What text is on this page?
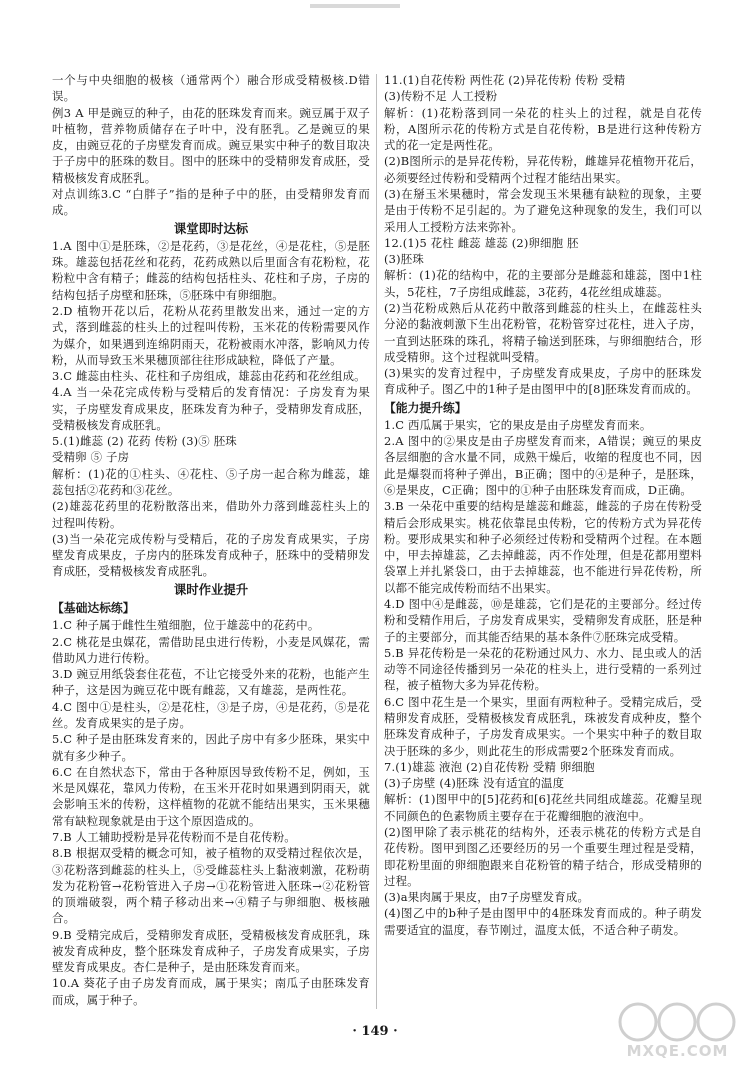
一个与中央细胞的极核（通常两个）融合形成受精极核.D错误。

例3 A 甲是豌豆的种子，由花的胚珠发育而来。豌豆属于双子叶植物，营养物质储存在子叶中，没有胚乳。乙是豌豆的果皮，由豌豆花的子房壁发育而成。豌豆果实中种子的数目取决于子房中的胚珠的数目。图中的胚珠中的受精卵发育成胚，受精极核发育成胚乳。

对点训练3.C “白胖子”指的是种子中的胚，由受精卵发育而成。

课堂即时达标

1.A 图中①是胚珠，②是花药，③是花丝，④是花柱，⑤是胚珠。雄蕊包括花丝和花药，花药成熟以后里面含有花粉粒，花粉粒中含有精子；雌蕊的结构包括柱头、花柱和子房，子房的结构包括子房壁和胚珠，⑤胚珠中有卵细胞。

2.D 植物开花以后，花粉从花药里散发出来，通过一定的方式，落到雌蕊的柱头上的过程叫传粉，玉米花的传粉需要风作为媒介，如果遇到连绵阴雨天，花粉被雨水冲落，影响风力传粉，从而导致玉米果穗顶部往往形成缺粒，降低了产量。

3.C 雌蕊由柱头、花柱和子房组成，雄蕊由花药和花丝组成。

4.A 当一朵花完成传粉与受精后的发育情况：子房发育为果实，子房壁发育成果皮，胚珠发育为种子，受精卵发育成胚，受精极核发育成胚乳。

5.(1)雌蕊 (2) 花药 传粉 (3)⑤ 胚珠

受精卵 ⑤ 子房

解析：(1)花的①柱头、④花柱、⑤子房一起合称为雌蕊，雄蕊包括②花药和③花丝。

(2)雄蕊花药里的花粉散落出来，借助外力落到雌蕊柱头上的过程叫传粉。

(3)当一朵花完成传粉与受精后，花的子房发育成果实，子房壁发育成果皮，子房内的胚珠发育成种子，胚珠中的受精卵发育成胚，受精极核发育成胚乳。

课时作业提升
【基础达标练】

1.C 种子属于雌性生殖细胞，位于雄蕊中的花药中。

2.C 桃花是虫媒花，需借助昆虫进行传粉，小麦是风媒花，需借助风力进行传粉。

3.D 豌豆用纸袋套住花苞，不让它接受外来的花粉，也能产生种子，这是因为豌豆花中既有雌蕊，又有雄蕊，是两性花。

4.C 图中①是柱头，②是花柱，③是子房，④是花药，⑤是花丝。发育成果实的是子房。

5.C 种子是由胚珠发育来的，因此子房中有多少胚珠，果实中就有多少种子。

6.C 在自然状态下，常由于各种原因导致传粉不足，例如，玉米是风媒花，靠风力传粉，在玉米开花时如果遇到阴雨天，就会影响玉米的传粉，这样植物的花就不能结出果实，玉米果穗常有缺粒现象就是由于这个原因造成的。

7.B 人工辅助授粉是异花传粉而不是自花传粉。

8.B 根据双受精的概念可知，被子植物的双受精过程依次是，③花粉落到雌蕊的柱头上，⑤受雌蕊柱头上黏液刺激，花粉萌发为花粉管→花粉管进入子房→①花粉管进入胚珠→②花粉管的顶端破裂，两个精子移动出来→④精子与卵细胞、极核融合。

9.B 受精完成后，受精卵发育成胚，受精极核发育成胚乳，珠被发育成种皮，整个胚珠发育成种子，子房发育成果实，子房壁发育成果皮。杏仁是种子，是由胚珠发育而来。

10.A 葵花子由子房发育而成，属于果实；南瓜子由胚珠发育而成，属于种子。

11.(1)自花传粉 两性花 (2)异花传粉 传粉 受精

(3)传粉不足 人工授粉

解析：(1)花粉落到同一朵花的柱头上的过程，就是自花传粉，A图所示花的传粉方式是自花传粉，B是进行这种传粉方式的花一定是两性花。

(2)B图所示的是异花传粉，异花传粉，雌雄异花植物开花后，必须要经过传粉和受精两个过程才能结出果实。

(3)在掰玉米果穗时，常会发现玉米果穗有缺粒的现象，主要是由于传粉不足引起的。为了避免这种现象的发生，我们可以采用人工授粉方法来弥补。

12.(1)5 花柱 雌蕊 雄蕊 (2)卵细胞 胚

(3)胚珠

解析：(1)花的结构中，花的主要部分是雌蕊和雄蕊，图中1柱头，5花柱，7子房组成雌蕊，3花药，4花丝组成雄蕊。

(2)当花粉成熟后从花药中散落到雌蕊的柱头上，在雌蕊柱头分泌的黏液刺激下生出花粉管，花粉管穿过花柱，进入子房，一直到达胚珠的珠孔，将精子输送到胚珠，与卵细胞结合，形成受精卵。这个过程就叫受精。

(3)果实的发育过程中，子房壁发育成果皮，子房中的胚珠发育成种子。图乙中的1种子是由图甲中的[8]胚珠发育而成的。

【能力提升练】

1.C 西瓜属于果实，它的果皮是由子房壁发育而来。

2.A 图中的②果皮是由子房壁发育而来，A错误；豌豆的果皮各层细胞的含水量不同，成熟干燥后，收缩的程度也不同，因此是爆裂而将种子弹出，B正确；图中的④是种子，是胚珠，⑥是果皮，C正确；图中的①种子由胚珠发育而成，D正确。

3.B 一朵花中重要的结构是雄蕊和雌蕊，雌蕊的子房在传粉受精后会形成果实。桃花依靠昆虫传粉，它的传粉方式为异花传粉。要形成果实和种子必须经过传粉和受精两个过程。在本题中，甲去掉雄蕊，乙去掉雌蕊，丙不作处理，但是花都用塑料袋罩上并扎紧袋口，由于去掉雄蕊，也不能进行异花传粉，所以都不能完成传粉而结不出果实。

4.D 图中④是雌蕊，⑩是雄蕊，它们是花的主要部分。经过传粉和受精作用后，子房发育成果实，受精卵发育成胚，胚是种子的主要部分，而其能否结果的基本条件⑦胚珠完成受精。

5.B 异花传粉是一朵花的花粉通过风力、水力、昆虫或人的活动等不同途径传播到另一朵花的柱头上，进行受精的一系列过程，被子植物大多为异花传粉。

6.C 图中花生是一个果实，里面有两粒种子。受精完成后，受精卵发育成胚，受精极核发育成胚乳，珠被发育成种皮，整个胚珠发育成种子，子房发育成果实。一个果实中种子的数目取决于胚珠的多少，则此花生的形成需要2个胚珠发育而成。

7.(1)雄蕊 液泡 (2)自花传粉 受精 卵细胞

(3)子房壁 (4)胚珠 没有适宜的温度

解析：(1)图甲中的[5]花药和[6]花丝共同组成雄蕊。花瓣呈现不同颜色的色素物质主要存在于花瓣细胞的液泡中。

(2)图甲除了表示桃花的结构外，还表示桃花的传粉方式是自花传粉。图甲到图乙还要经历的另一个重要生理过程是受精，即花粉里面的卵细胞跟来自花粉管的精子结合，形成受精卵的过程。

(3)a果肉属于果皮，由7子房壁发育成。

(4)图乙中的b种子是由图甲中的4胚珠发育而成的。种子萌发需要适宜的温度，春节刚过，温度太低，不适合种子萌发。

· 149 ·
MXQE.COM
